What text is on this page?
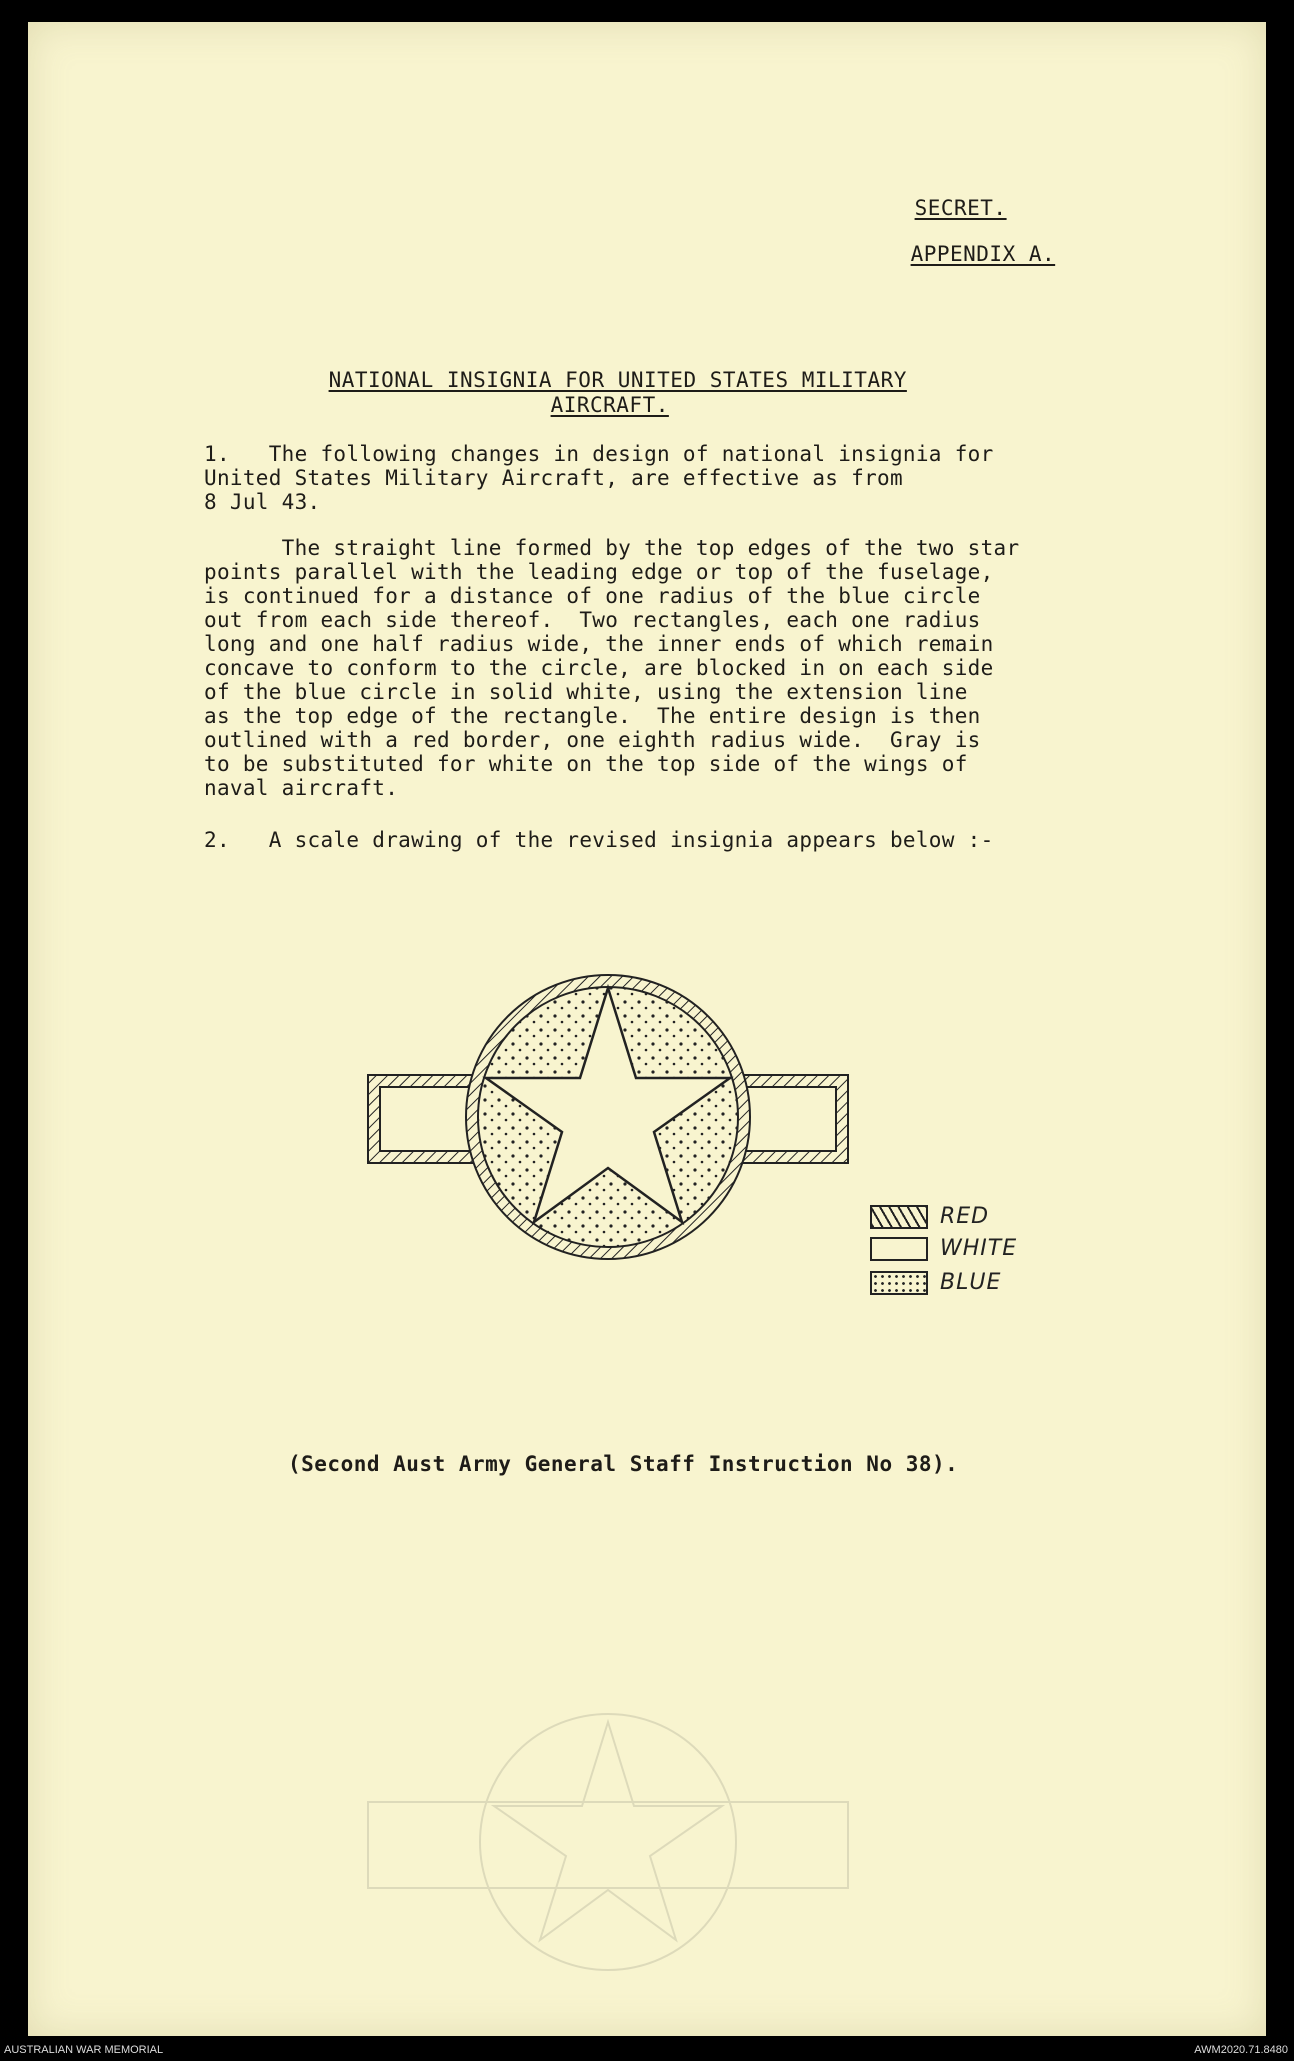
SECRET.

APPENDIX A.

NATIONAL INSIGNIA FOR UNITED STATES MILITARY

AIRCRAFT.

1.   The following changes in design of national insignia for
United States Military Aircraft, are effective as from
8 Jul 43.
The straight line formed by the top edges of the two star
points parallel with the leading edge or top of the fuselage,
is continued for a distance of one radius of the blue circle
out from each side thereof.  Two rectangles, each one radius
long and one half radius wide, the inner ends of which remain
concave to conform to the circle, are blocked in on each side
of the blue circle in solid white, using the extension line
as the top edge of the rectangle.  The entire design is then
outlined with a red border, one eighth radius wide.  Gray is
to be substituted for white on the top side of the wings of
naval aircraft.
2.   A scale drawing of the revised insignia appears below :-
RED
WHITE
BLUE
(Second Aust Army General Staff Instruction No 38).
AUSTRALIAN WAR MEMORIAL	AWM2020.71.8480
